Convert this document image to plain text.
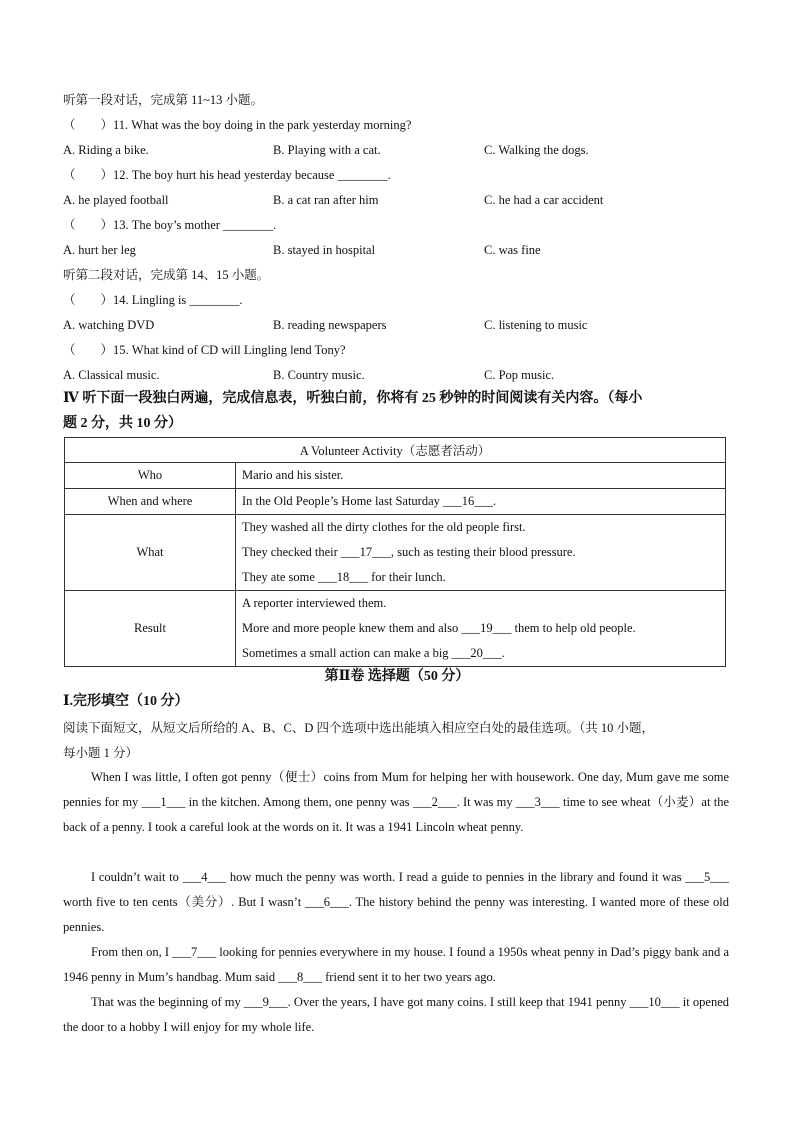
听第一段对话，完成第 11~13 小题。
（　　）11. What was the boy doing in the park yesterday morning?
A. Riding a bike.	B. Playing with a cat.	C. Walking the dogs.
（　　）12. The boy hurt his head yesterday because ________.
A. he played football	B. a cat ran after him	C. he had a car accident
（　　）13. The boy’s mother ________.
A. hurt her leg	B. stayed in hospital	C. was fine
听第二段对话，完成第 14、15 小题。
（　　）14. Lingling is ________.
A. watching DVD	B. reading newspapers	C. listening to music
（　　）15. What kind of CD will Lingling lend Tony?
A. Classical music.	B. Country music.	C. Pop music.
Ⅳ 听下面一段独白两遍，完成信息表，听独白前，你将有 25 秒钟的时间阅读有关内容。（每小
题 2 分，共 10 分）
A Volunteer Activity（志愿者活动）	
Who	Mario and his sister.
When and where	In the Old People’s Home last Saturday ___16___.
What	They washed all the dirty clothes for the old people first.
They checked their ___17___, such as testing their blood pressure.
They ate some ___18___ for their lunch.

Result	A reporter interviewed them.
More and more people knew them and also ___19___ them to help old people.
Sometimes a small action can make a big ___20___.
第Ⅱ卷 选择题（50 分）
Ⅰ.完形填空（10 分）
阅读下面短文，从短文后所给的 A、B、C、D 四个选项中选出能填入相应空白处的最佳选项。（共 10 小题，
每小题 1 分）
When I was little, I often got penny（便士）coins from Mum for helping her with housework. One day, Mum gave me some pennies for my ___1___ in the kitchen. Among them, one penny was ___2___. It was my ___3___ time to see wheat（小麦）at the back of a penny. I took a careful look at the words on it. It was a 1941 Lincoln wheat penny.
I couldn’t wait to ___4___ how much the penny was worth. I read a guide to pennies in the library and found it was ___5___ worth five to ten cents（美分）. But I wasn’t ___6___. The history behind the penny was interesting. I wanted more of these old pennies.
From then on, I ___7___ looking for pennies everywhere in my house. I found a 1950s wheat penny in Dad’s piggy bank and a 1946 penny in Mum’s handbag. Mum said ___8___ friend sent it to her two years ago.
That was the beginning of my ___9___. Over the years, I have got many coins. I still keep that 1941 penny ___10___ it opened the door to a hobby I will enjoy for my whole life.
